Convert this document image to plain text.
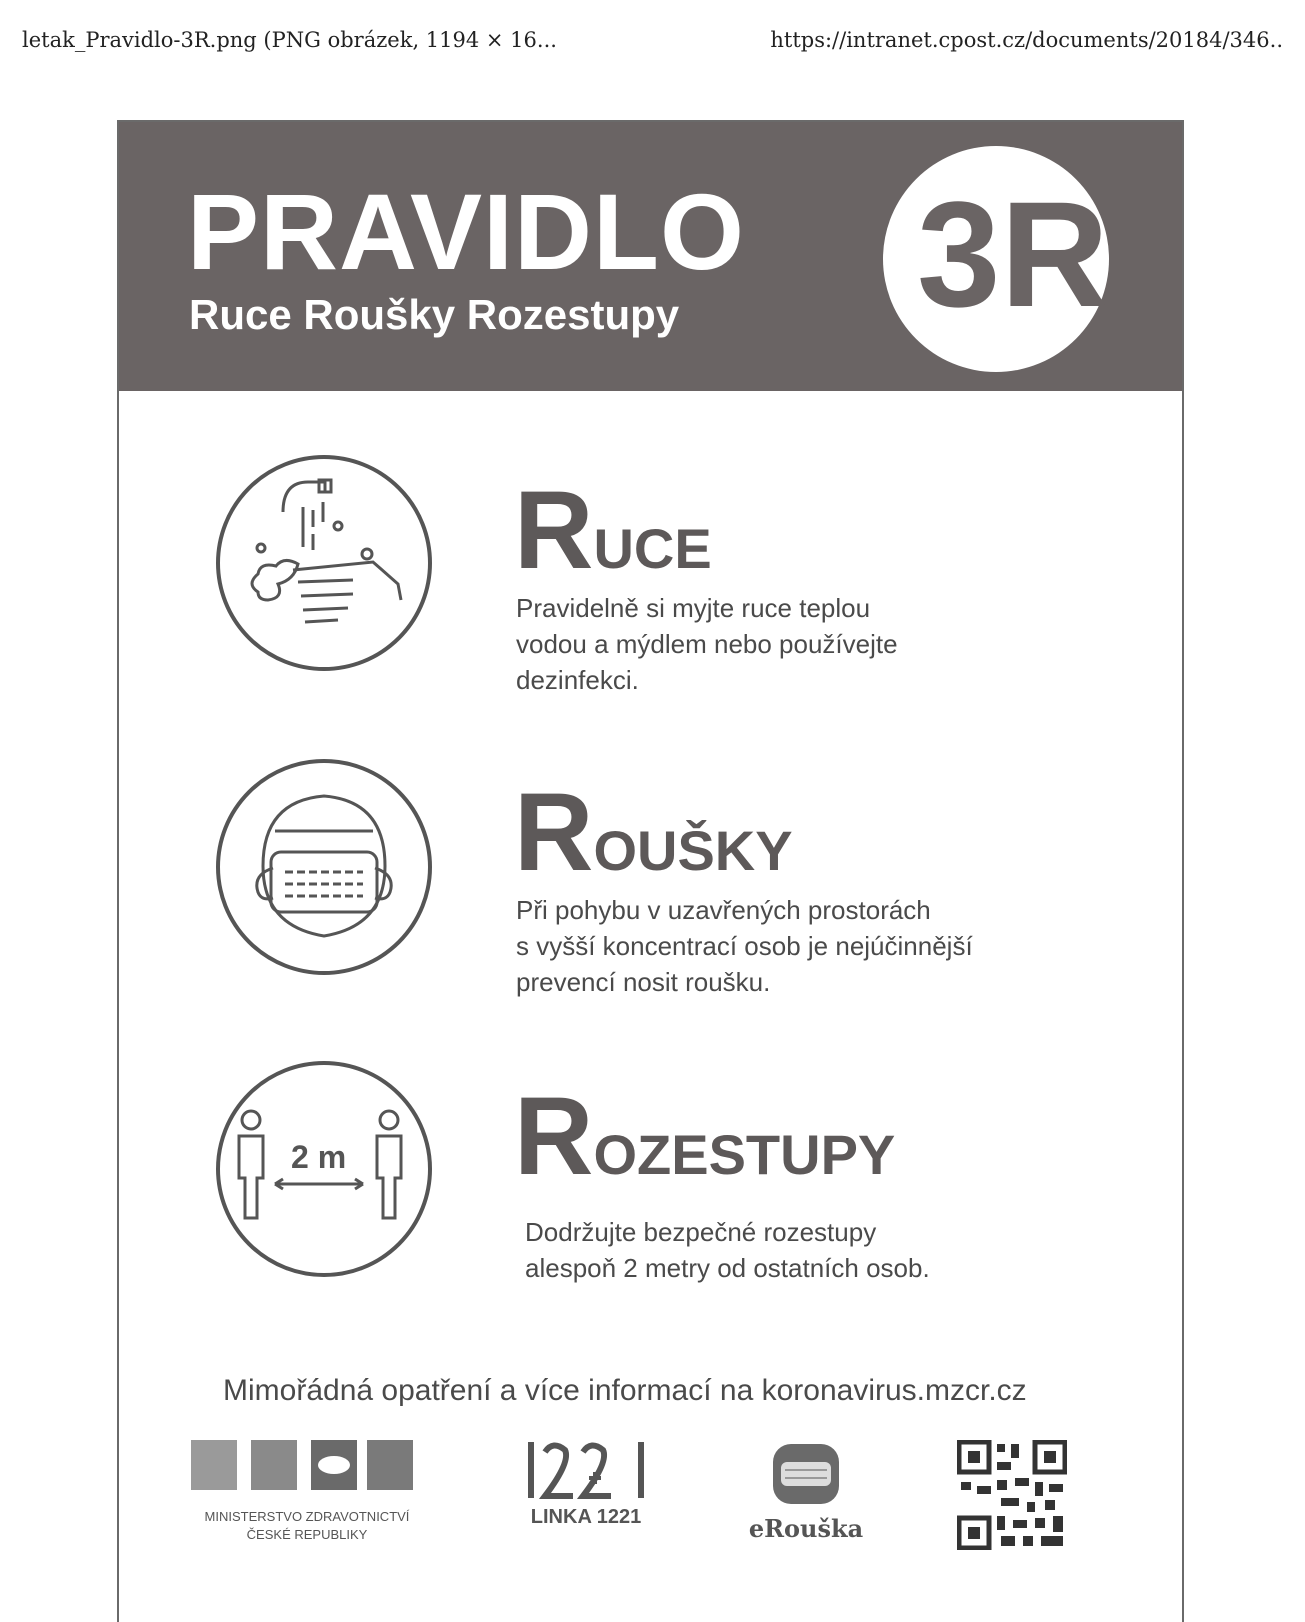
letak_Pravidlo-3R.png (PNG obrázek, 1194 × 16...	https://intranet.cpost.cz/documents/20184/346..
PRAVIDLO
Ruce Roušky Rozestupy 3R
RUCE
Pravidelně si myjte ruce teplou
vodou a mýdlem nebo používejte
dezinfekci.
ROUŠKY
Při pohybu v uzavřených prostorách
s vyšší koncentrací osob je nejúčinnější
prevencí nosit roušku.
2 m ROZESTUPY
Dodržujte bezpečné rozestupy
alespoň 2 metry od ostatních osob.
Mimořádná opatření a více informací na koronavirus.mzcr.cz
MINISTERSTVO ZDRAVOTNICTVÍ
ČESKÉ REPUBLIKY
LINKA 1221	eRouška
